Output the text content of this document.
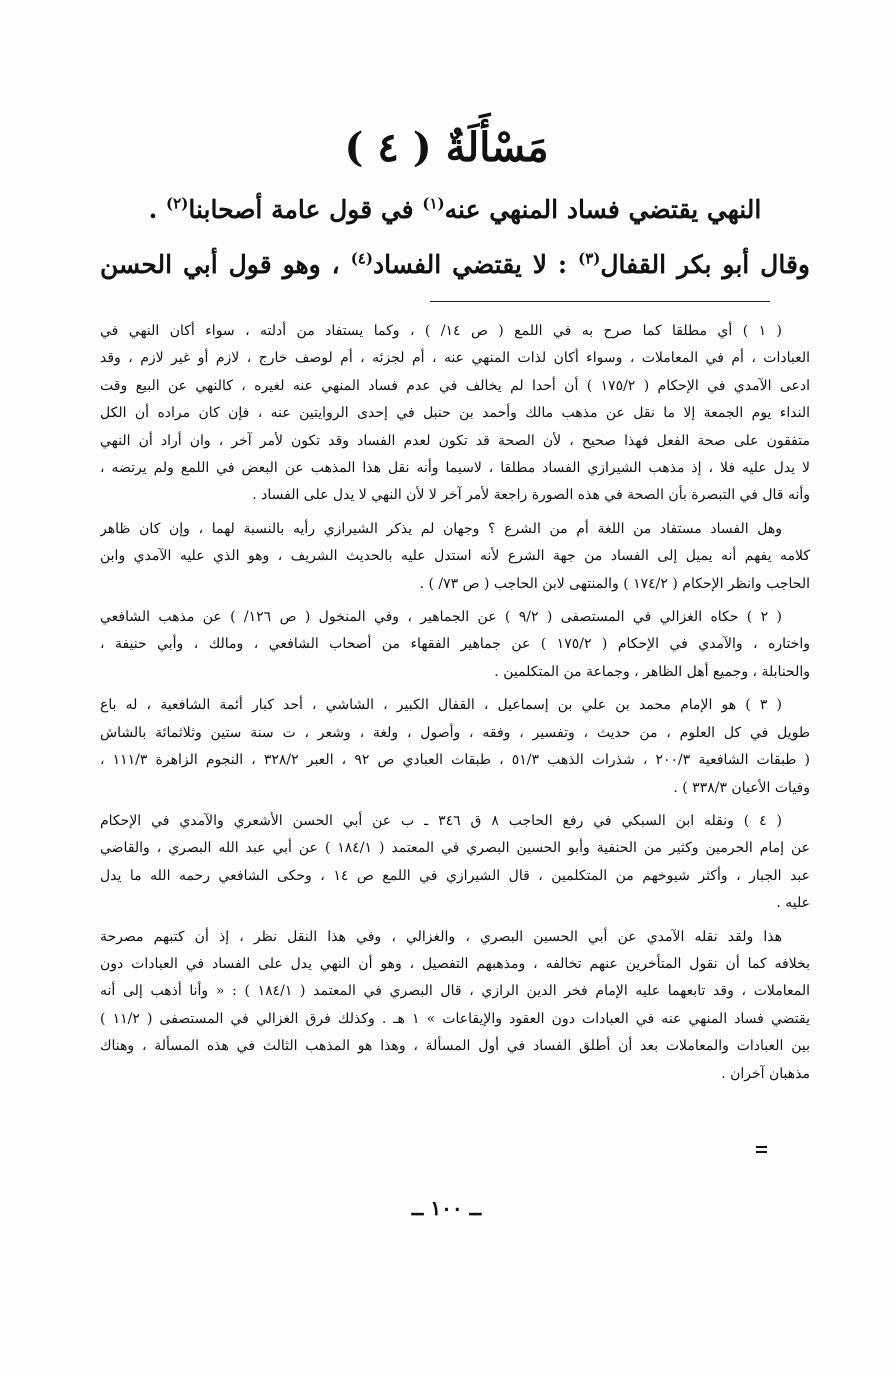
مَسْأَلَةٌ ( ٤ )
النهي يقتضي فساد المنهي عنه$^{(١)}$ في قول عامة أصحابنا$^{(٢)}$ .
وقال أبو بكر القفال$^{(٣)}$ : لا يقتضي الفساد$^{(٤)}$ ، وهو قول أبي الحسن
( ١ ) أي مطلقا كما صرح به في اللمع ( ص ١٤/ ) ، وكما يستفاد من أدلته ، سواء أكان النهي في
العبادات ، أم في المعاملات ، وسواء أكان لذات المنهي عنه ، أم لجزئه ، أم لوصف خارج ، لازم أو غير لازم ، وقد
ادعى الآمدي في الإحكام ( ١٧٥/٢ ) أن أحدا لم يخالف في عدم فساد المنهي عنه لغيره ، كالنهي عن البيع وقت
النداء يوم الجمعة إلا ما نقل عن مذهب مالك وأحمد بن حنبل في إحدى الروايتين عنه ، فإن كان مراده أن الكل
متفقون على صحة الفعل فهذا صحيح ، لأن الصحة قد تكون لعدم الفساد وقد تكون لأمر آخر ، وان أراد أن النهي
لا يدل عليه فلا ، إذ مذهب الشيرازي الفساد مطلقا ، لاسيما وأنه نقل هذا المذهب عن البعض في اللمع ولم يرتضه ،
وأنه قال في التبصرة بأن الصحة في هذه الصورة راجعة لأمر آخر لا لأن النهي لا يدل على الفساد .
وهل الفساد مستفاد من اللغة أم من الشرع ؟ وجهان لم يذكر الشيرازي رأيه بالنسبة لهما ، وإن كان ظاهر
كلامه يفهم أنه يميل إلى الفساد من جهة الشرع لأنه استدل عليه بالحديث الشريف ، وهو الذي عليه الآمدي وابن
الحاجب وانظر الإحكام ( ١٧٤/٢ ) والمنتهى لابن الحاجب ( ص ٧٣/ ) .
( ٢ ) حكاه الغزالي في المستصفى ( ٩/٢ ) عن الجماهير ، وفي المنخول ( ص ١٢٦/ ) عن مذهب الشافعي
واختاره ، والآمدي في الإحكام ( ١٧٥/٢ ) عن جماهير الفقهاء من أصحاب الشافعي ، ومالك ، وأبي حنيفة ،
والحنابلة ، وجميع أهل الظاهر ، وجماعة من المتكلمين .
( ٣ ) هو الإمام محمد بن علي بن إسماعيل ، القفال الكبير ، الشاشي ، أحد كبار أئمة الشافعية ، له باع
طويل في كل العلوم ، من حديث ، وتفسير ، وفقه ، وأصول ، ولغة ، وشعر ، ت سنة ستين وثلاثمائة بالشاش
( طبقات الشافعية ٢٠٠/٣ ، شذرات الذهب ٥١/٣ ، طبقات العبادي ص ٩٢ ، العبر ٣٢٨/٢ ، النجوم الزاهرة ١١١/٣ ،
وفيات الأعيان ٣٣٨/٣ ) .
( ٤ ) ونقله ابن السبكي في رفع الحاجب ٨ ق ٣٤٦ ـ ب عن أبي الحسن الأشعري والآمدي في الإحكام
عن إمام الحرمين وكثير من الحنفية وأبو الحسين البصري في المعتمد ( ١٨٤/١ ) عن أبي عبد الله البصري ، والقاضي
عبد الجبار ، وأكثر شيوخهم من المتكلمين ، قال الشيرازي في اللمع ص ١٤ ، وحكى الشافعي رحمه الله ما يدل
عليه .
هذا ولقد نقله الآمدي عن أبي الحسين البصري ، والغزالي ، وفي هذا النقل نظر ، إذ أن كتبهم مصرحة
بخلافه كما أن نقول المتأخرين عنهم تخالفه ، ومذهبهم التفصيل ، وهو أن النهي يدل على الفساد في العبادات دون
المعاملات ، وقد تابعهما عليه الإمام فخر الدين الرازي ، قال البصري في المعتمد ( ١٨٤/١ ) : « وأنا أذهب إلى أنه
يقتضي فساد المنهي عنه في العبادات دون العقود والإيقاعات » ١ هـ . وكذلك فرق الغزالي في المستصفى ( ١١/٢ )
بين العبادات والمعاملات بعد أن أطلق الفساد في أول المسألة ، وهذا هو المذهب الثالث في هذه المسألة ، وهناك
مذهبان آخران .
ــ ١٠٠ ــ
